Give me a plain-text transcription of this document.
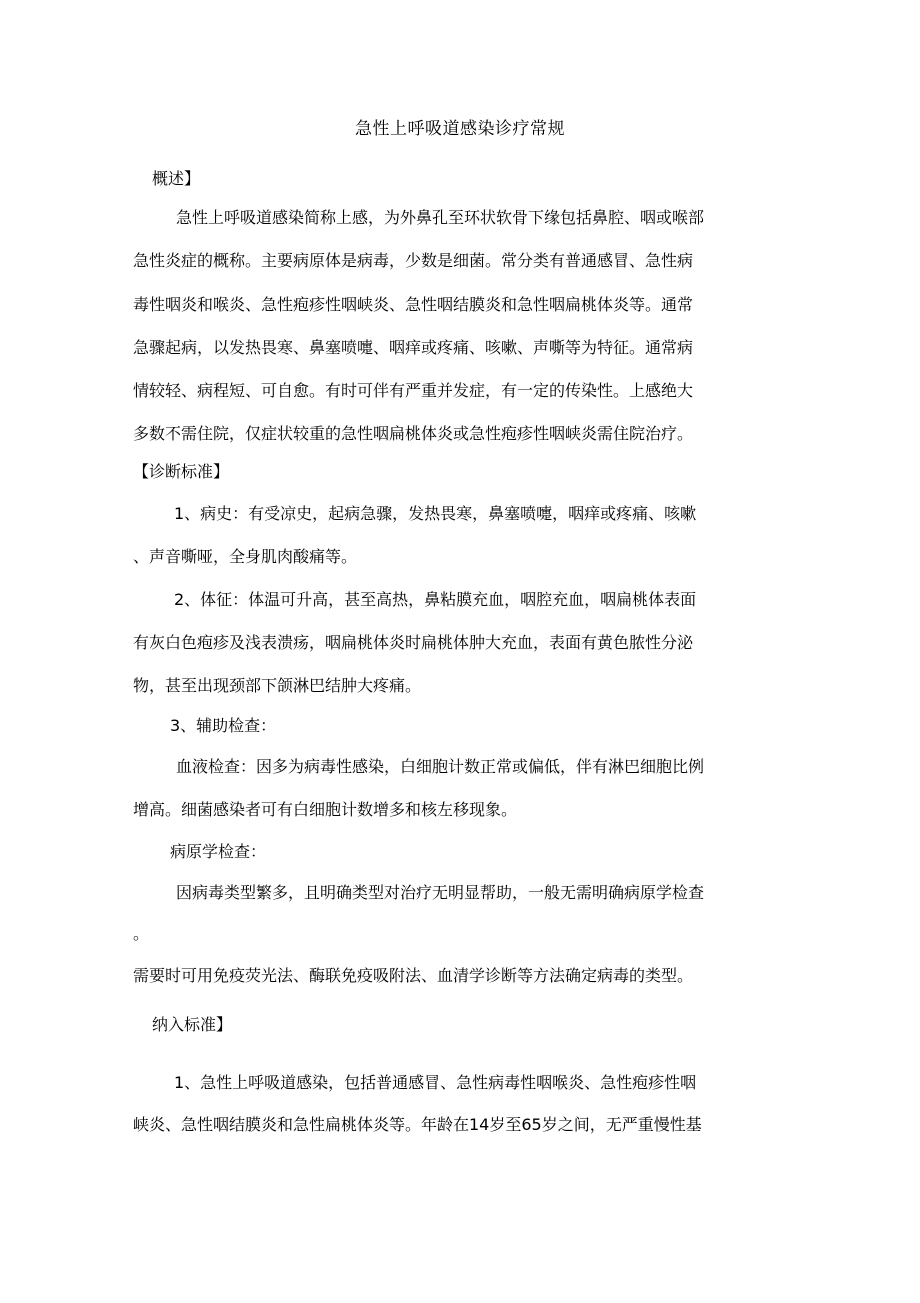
急性上呼吸道感染诊疗常规
概述】
急性上呼吸道感染简称上感，为外鼻孔至环状软骨下缘包括鼻腔、咽或喉部
急性炎症的概称。主要病原体是病毒，少数是细菌。常分类有普通感冒、急性病
毒性咽炎和喉炎、急性疱疹性咽峡炎、急性咽结膜炎和急性咽扁桃体炎等。通常
急骤起病，以发热畏寒、鼻塞喷嚏、咽痒或疼痛、咳嗽、声嘶等为特征。通常病
情较轻、病程短、可自愈。有时可伴有严重并发症，有一定的传染性。上感绝大
多数不需住院，仅症状较重的急性咽扁桃体炎或急性疱疹性咽峡炎需住院治疗。
【诊断标准】
1、病史：有受凉史，起病急骤，发热畏寒，鼻塞喷嚏，咽痒或疼痛、咳嗽
、声音嘶哑，全身肌肉酸痛等。
2、体征：体温可升高，甚至高热，鼻粘膜充血，咽腔充血，咽扁桃体表面
有灰白色疱疹及浅表溃疡，咽扁桃体炎时扁桃体肿大充血，表面有黄色脓性分泌
物，甚至出现颈部下颌淋巴结肿大疼痛。
3、辅助检查：
血液检查：因多为病毒性感染，白细胞计数正常或偏低，伴有淋巴细胞比例
增高。细菌感染者可有白细胞计数增多和核左移现象。
病原学检查：
因病毒类型繁多，且明确类型对治疗无明显帮助，一般无需明确病原学检查
。
需要时可用免疫荧光法、酶联免疫吸附法、血清学诊断等方法确定病毒的类型。
纳入标准】
1、急性上呼吸道感染，包括普通感冒、急性病毒性咽喉炎、急性疱疹性咽
峡炎、急性咽结膜炎和急性扁桃体炎等。年龄在14岁至65岁之间，无严重慢性基
